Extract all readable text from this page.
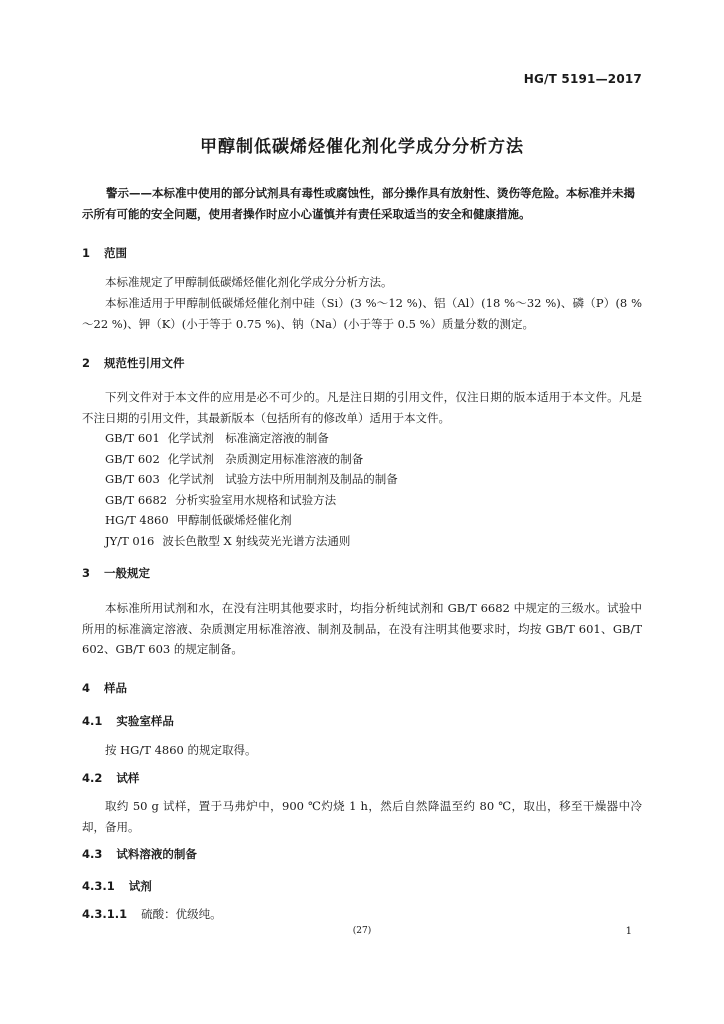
HG/T 5191—2017
甲醇制低碳烯烃催化剂化学成分分析方法
警示——本标准中使用的部分试剂具有毒性或腐蚀性，部分操作具有放射性、烫伤等危险。本标准并未揭示所有可能的安全问题，使用者操作时应小心谨慎并有责任采取适当的安全和健康措施。
1 范围
本标准规定了甲醇制低碳烯烃催化剂化学成分分析方法。
本标准适用于甲醇制低碳烯烃催化剂中硅（Si）(3 %～12 %)、铝（Al）(18 %～32 %)、磷（P）(8 %～22 %)、钾（K）(小于等于 0.75 %)、钠（Na）(小于等于 0.5 %）质量分数的测定。
2 规范性引用文件
下列文件对于本文件的应用是必不可少的。凡是注日期的引用文件，仅注日期的版本适用于本文件。凡是不注日期的引用文件，其最新版本（包括所有的修改单）适用于本文件。
GB/T 601 化学试剂　标准滴定溶液的制备
GB/T 602 化学试剂　杂质测定用标准溶液的制备
GB/T 603 化学试剂　试验方法中所用制剂及制品的制备
GB/T 6682 分析实验室用水规格和试验方法
HG/T 4860 甲醇制低碳烯烃催化剂
JY/T 016 波长色散型 X 射线荧光光谱方法通则
3 一般规定
本标准所用试剂和水，在没有注明其他要求时，均指分析纯试剂和 GB/T 6682 中规定的三级水。试验中所用的标准滴定溶液、杂质测定用标准溶液、制剂及制品，在没有注明其他要求时，均按 GB/T 601、GB/T 602、GB/T 603 的规定制备。
4 样品
4.1 实验室样品
按 HG/T 4860 的规定取得。
4.2 试样
取约 50 g 试样，置于马弗炉中，900 ℃灼烧 1 h，然后自然降温至约 80 ℃，取出，移至干燥器中冷却，备用。
4.3 试料溶液的制备
4.3.1 试剂
4.3.1.1 硫酸：优级纯。
(27)	1
